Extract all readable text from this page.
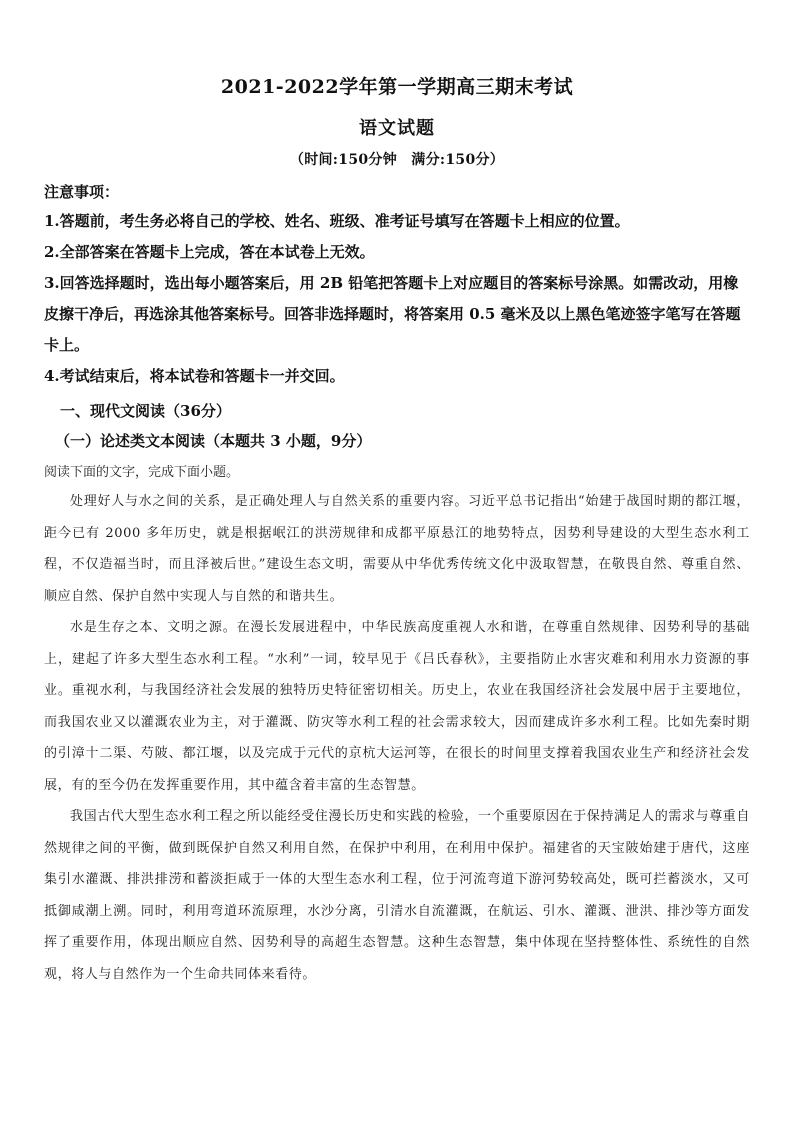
2021-2022学年第一学期高三期末考试
语文试题
（时间:150分钟　满分:150分）
注意事项：

1.答题前，考生务必将自己的学校、姓名、班级、准考证号填写在答题卡上相应的位置。

2.全部答案在答题卡上完成，答在本试卷上无效。

3.回答选择题时，选出每小题答案后，用 2B 铅笔把答题卡上对应题目的答案标号涂黑。如需改动，用橡皮擦干净后，再选涂其他答案标号。回答非选择题时，将答案用 0.5 毫米及以上黑色笔迹签字笔写在答题卡上。

4.考试结束后，将本试卷和答题卡一并交回。

一、现代文阅读（36分）
（一）论述类文本阅读（本题共 3 小题，9分）
阅读下面的文字，完成下面小题。

处理好人与水之间的关系，是正确处理人与自然关系的重要内容。习近平总书记指出“始建于战国时期的都江堰，距今已有 2000 多年历史，就是根据岷江的洪涝规律和成都平原悬江的地势特点，因势利导建设的大型生态水利工程，不仅造福当时，而且泽被后世。”建设生态文明，需要从中华优秀传统文化中汲取智慧，在敬畏自然、尊重自然、顺应自然、保护自然中实现人与自然的和谐共生。

水是生存之本、文明之源。在漫长发展进程中，中华民族高度重视人水和谐，在尊重自然规律、因势利导的基础上，建起了许多大型生态水利工程。“水利”一词，较早见于《吕氏春秋》，主要指防止水害灾难和利用水力资源的事业。重视水利，与我国经济社会发展的独特历史特征密切相关。历史上，农业在我国经济社会发展中居于主要地位，而我国农业又以灌溉农业为主，对于灌溉、防灾等水利工程的社会需求较大，因而建成许多水利工程。比如先秦时期的引漳十二渠、芍陂、都江堰，以及完成于元代的京杭大运河等，在很长的时间里支撑着我国农业生产和经济社会发展，有的至今仍在发挥重要作用，其中蕴含着丰富的生态智慧。

我国古代大型生态水利工程之所以能经受住漫长历史和实践的检验，一个重要原因在于保持满足人的需求与尊重自然规律之间的平衡，做到既保护自然又利用自然，在保护中利用，在利用中保护。福建省的天宝陂始建于唐代，这座集引水灌溉、排洪排涝和蓄淡拒咸于一体的大型生态水利工程，位于河流弯道下游河势较高处，既可拦蓄淡水，又可抵御咸潮上溯。同时，利用弯道环流原理，水沙分离，引清水自流灌溉，在航运、引水、灌溉、泄洪、排沙等方面发挥了重要作用，体现出顺应自然、因势利导的高超生态智慧。这种生态智慧，集中体现在坚持整体性、系统性的自然观，将人与自然作为一个生命共同体来看待。
